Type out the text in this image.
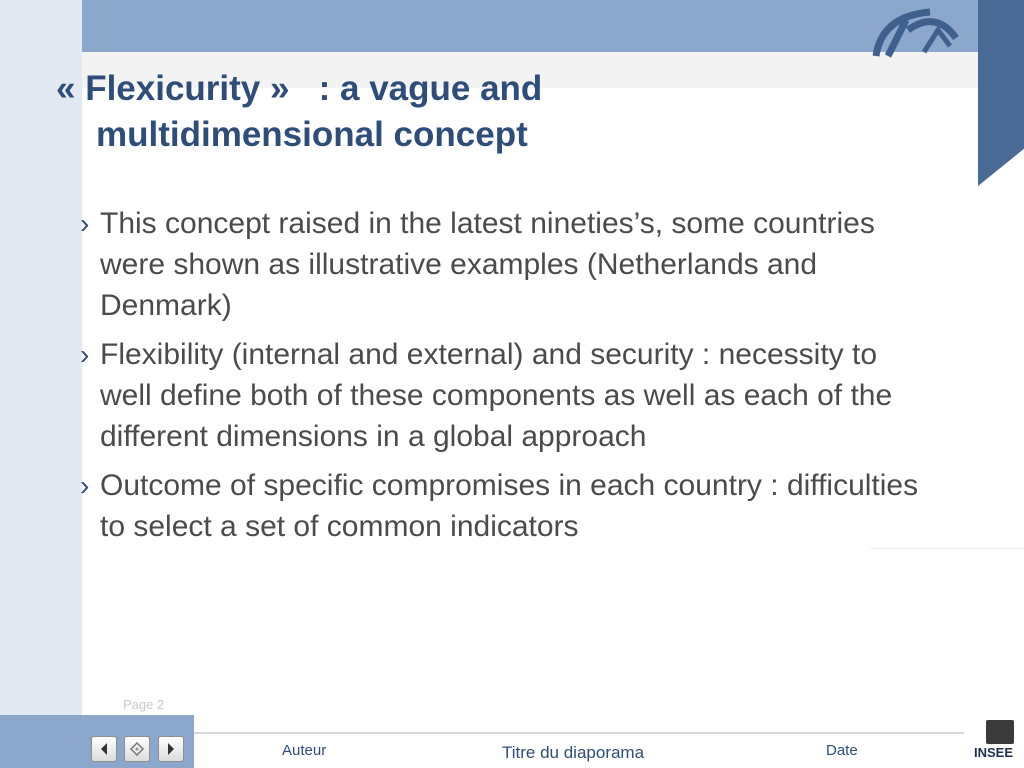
« Flexicurity »   : a vague and
multidimensional concept
› This concept raised in the latest nineties’s, some countries were shown as illustrative examples (Netherlands and Denmark)
› Flexibility (internal and external) and security : necessity to well define both of these components as well as each of the different dimensions in a global approach
› Outcome of specific compromises in each country : difficulties to select a set of common indicators
Page 2
Auteur	Titre du diaporama	Date	INSEE
